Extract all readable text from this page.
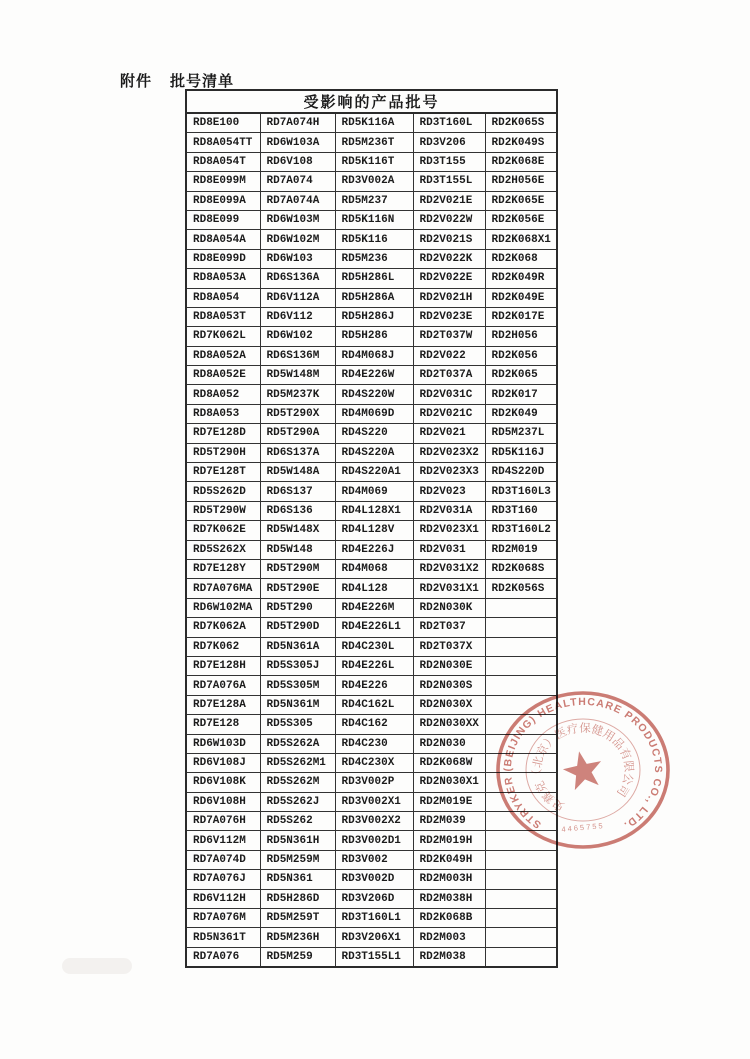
附件 批号清单
受影响的产品批号				
RD8E100	RD7A074H	RD5K116A	RD3T160L	RD2K065S
RD8A054TT	RD6W103A	RD5M236T	RD3V206	RD2K049S
RD8A054T	RD6V108	RD5K116T	RD3T155	RD2K068E
RD8E099M	RD7A074	RD3V002A	RD3T155L	RD2H056E
RD8E099A	RD7A074A	RD5M237	RD2V021E	RD2K065E
RD8E099	RD6W103M	RD5K116N	RD2V022W	RD2K056E
RD8A054A	RD6W102M	RD5K116	RD2V021S	RD2K068X1
RD8E099D	RD6W103	RD5M236	RD2V022K	RD2K068
RD8A053A	RD6S136A	RD5H286L	RD2V022E	RD2K049R
RD8A054	RD6V112A	RD5H286A	RD2V021H	RD2K049E
RD8A053T	RD6V112	RD5H286J	RD2V023E	RD2K017E
RD7K062L	RD6W102	RD5H286	RD2T037W	RD2H056
RD8A052A	RD6S136M	RD4M068J	RD2V022	RD2K056
RD8A052E	RD5W148M	RD4E226W	RD2T037A	RD2K065
RD8A052	RD5M237K	RD4S220W	RD2V031C	RD2K017
RD8A053	RD5T290X	RD4M069D	RD2V021C	RD2K049
RD7E128D	RD5T290A	RD4S220	RD2V021	RD5M237L
RD5T290H	RD6S137A	RD4S220A	RD2V023X2	RD5K116J
RD7E128T	RD5W148A	RD4S220A1	RD2V023X3	RD4S220D
RD5S262D	RD6S137	RD4M069	RD2V023	RD3T160L3
RD5T290W	RD6S136	RD4L128X1	RD2V031A	RD3T160
RD7K062E	RD5W148X	RD4L128V	RD2V023X1	RD3T160L2
RD5S262X	RD5W148	RD4E226J	RD2V031	RD2M019
RD7E128Y	RD5T290M	RD4M068	RD2V031X2	RD2K068S
RD7A076MA	RD5T290E	RD4L128	RD2V031X1	RD2K056S
RD6W102MA	RD5T290	RD4E226M	RD2N030K	
RD7K062A	RD5T290D	RD4E226L1	RD2T037	
RD7K062	RD5N361A	RD4C230L	RD2T037X	
RD7E128H	RD5S305J	RD4E226L	RD2N030E	
RD7A076A	RD5S305M	RD4E226	RD2N030S	
RD7E128A	RD5N361M	RD4C162L	RD2N030X	
RD7E128	RD5S305	RD4C162	RD2N030XX	
RD6W103D	RD5S262A	RD4C230	RD2N030	
RD6V108J	RD5S262M1	RD4C230X	RD2K068W	
RD6V108K	RD5S262M	RD3V002P	RD2N030X1	
RD6V108H	RD5S262J	RD3V002X1	RD2M019E	
RD7A076H	RD5S262	RD3V002X2	RD2M039	
RD6V112M	RD5N361H	RD3V002D1	RD2M019H	
RD7A074D	RD5M259M	RD3V002	RD2K049H	
RD7A076J	RD5N361	RD3V002D	RD2M003H	
RD6V112H	RD5H286D	RD3V206D	RD2M038H	
RD7A076M	RD5M259T	RD3T160L1	RD2K068B	
RD5N361T	RD5M236H	RD3V206X1	RD2M003	
RD7A076	RD5M259	RD3T155L1	RD2M038	
STRYKER (BEIJING) HEALTHCARE PRODUCTS CO., LTD.
史赛克（北京）医疗保健用品有限公司
4465755
